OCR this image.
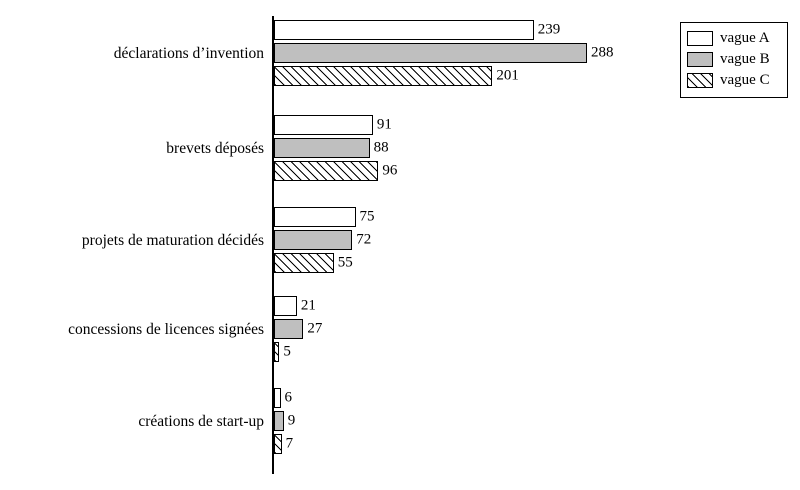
déclarations d’invention
239
288
201
brevets déposés
91
88
96
projets de maturation décidés
75
72
55
concessions de licences signées
21
27
5
créations de start-up
6
9
7
vague A
vague B
vague C
